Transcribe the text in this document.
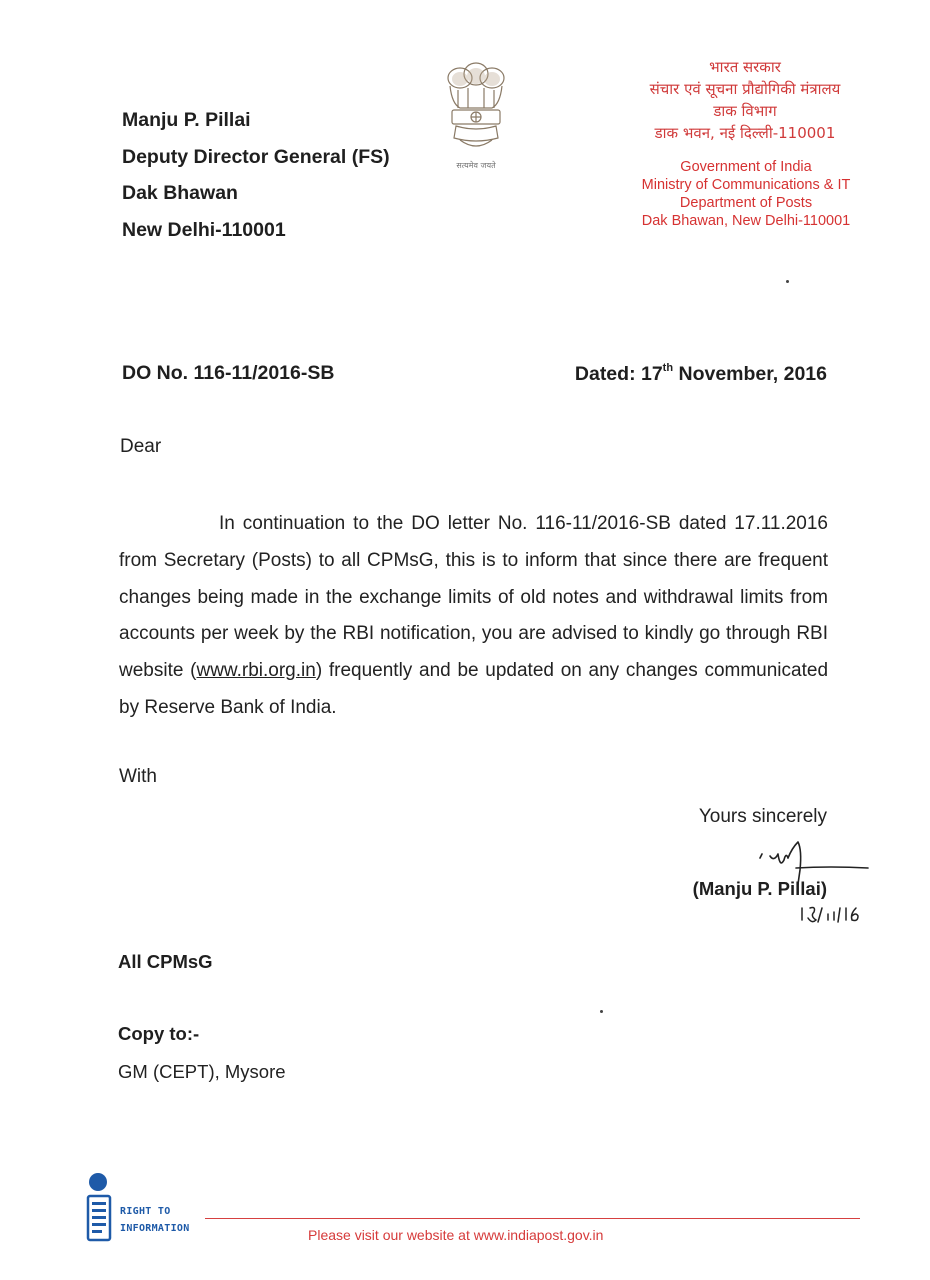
Manju P. Pillai
Deputy Director General (FS)
Dak Bhawan
New Delhi-110001
सत्यमेव जयते
भारत सरकार
संचार एवं सूचना प्रौद्योगिकी मंत्रालय
डाक विभाग
डाक भवन, नई दिल्ली-110001
Government of India
Ministry of Communications & IT
Department of Posts
Dak Bhawan, New Delhi-110001
DO No. 116-11/2016-SB	Dated: 17th November, 2016
Dear
In continuation to the DO letter No. 116-11/2016-SB dated 17.11.2016 from Secretary (Posts) to all CPMsG, this is to inform that since there are frequent changes being made in the exchange limits of old notes and withdrawal limits from accounts per week by the RBI notification, you are advised to kindly go through RBI website (www.rbi.org.in) frequently and be updated on any changes communicated by Reserve Bank of India.
With
Yours sincerely
(Manju P. Pillai)
All CPMsG
Copy to:-
GM (CEPT), Mysore
RIGHT TO
INFORMATION	Please visit our website at www.indiapost.gov.in
